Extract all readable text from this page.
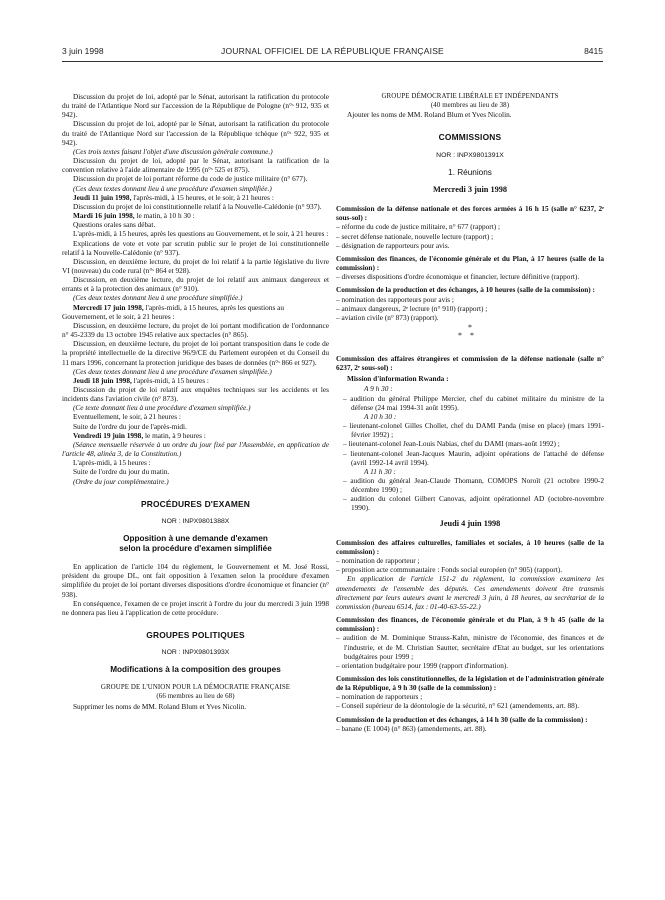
3 juin 1998	JOURNAL OFFICIEL DE LA RÉPUBLIQUE FRANÇAISE	8415

Discussion du projet de loi, adopté par le Sénat, autorisant la ratification du protocole du traité de l'Atlantique Nord sur l'accession de la République de Pologne (n°ˢ 912, 935 et 942).

Discussion du projet de loi, adopté par le Sénat, autorisant la ratification du protocole du traité de l'Atlantique Nord sur l'accession de la République tchèque (n°ˢ 922, 935 et 942).

(Ces trois textes faisant l'objet d'une discussion générale commune.)

Discussion du projet de loi, adopté par le Sénat, autorisant la ratification de la convention relative à l'aide alimentaire de 1995 (n°ˢ 525 et 875).

Discussion du projet de loi portant réforme du code de justice militaire (n° 677).

(Ces deux textes donnant lieu à une procédure d'examen simplifiée.)

Jeudi 11 juin 1998, l'après-midi, à 15 heures, et le soir, à 21 heures :

Discussion du projet de loi constitutionnelle relatif à la Nouvelle-Calédonie (n° 937).

Mardi 16 juin 1998, le matin, à 10 h 30 :

Questions orales sans débat.

L'après-midi, à 15 heures, après les questions au Gouvernement, et le soir, à 21 heures :

Explications de vote et vote par scrutin public sur le projet de loi constitutionnelle relatif à la Nouvelle-Calédonie (n° 937).

Discussion, en deuxième lecture, du projet de loi relatif à la partie législative du livre VI (nouveau) du code rural (n°ˢ 864 et 928).

Discussion, en deuxième lecture, du projet de loi relatif aux animaux dangereux et errants et à la protection des animaux (n° 910).

(Ces deux textes donnant lieu à une procédure simplifiée.)

Mercredi 17 juin 1998, l'après-midi, à 15 heures, après les questions au Gouvernement, et le soir, à 21 heures :

Discussion, en deuxième lecture, du projet de loi portant modification de l'ordonnance n° 45-2339 du 13 octobre 1945 relative aux spectacles (n° 865).

Discussion, en deuxième lecture, du projet de loi portant transposition dans le code de la propriété intellectuelle de la directive 96/9/CE du Parlement européen et du Conseil du 11 mars 1996, concernant la protection juridique des bases de données (n°ˢ 866 et 927).

(Ces deux textes donnant lieu à une procédure d'examen simplifiée.)

Jeudi 18 juin 1998, l'après-midi, à 15 heures :

Discussion du projet de loi relatif aux enquêtes techniques sur les accidents et les incidents dans l'aviation civile (n° 873).

(Ce texte donnant lieu à une procédure d'examen simplifiée.)

Eventuellement, le soir, à 21 heures :

Suite de l'ordre du jour de l'après-midi.

Vendredi 19 juin 1998, le matin, à 9 heures :

(Séance mensuelle réservée à un ordre du jour fixé par l'Assemblée, en application de l'article 48, alinéa 3, de la Constitution.)

L'après-midi, à 15 heures :

Suite de l'ordre du jour du matin.

(Ordre du jour complémentaire.)

PROCÉDURES D'EXAMEN
NOR : INPX9801388X
Opposition à une demande d'examen
selon la procédure d'examen simplifiée

En application de l'article 104 du règlement, le Gouvernement et M. José Rossi, président du groupe DL, ont fait opposition à l'examen selon la procédure d'examen simplifiée du projet de loi portant diverses dispositions d'ordre économique et financier (n° 938).

En conséquence, l'examen de ce projet inscrit à l'ordre du jour du mercredi 3 juin 1998 ne donnera pas lieu à l'application de cette procédure.

GROUPES POLITIQUES
NOR : INPX9801393X
Modifications à la composition des groupes

GROUPE DE L'UNION POUR LA DÉMOCRATIE FRANÇAISE

(66 membres au lieu de 68)

Supprimer les noms de MM. Roland Blum et Yves Nicolin.

GROUPE DÉMOCRATIE LIBÉRALE ET INDÉPENDANTS

(40 membres au lieu de 38)

Ajouter les noms de MM. Roland Blum et Yves Nicolin.

COMMISSIONS
NOR : INPX9801391X
1. Réunions
Mercredi 3 juin 1998

Commission de la défense nationale et des forces armées à 16 h 15 (salle n° 6237, 2ᵉ sous-sol) :

– réforme du code de justice militaire, n° 677 (rapport) ;

– secret défense nationale, nouvelle lecture (rapport) ;

– désignation de rapporteurs pour avis.

Commission des finances, de l'économie générale et du Plan, à 17 heures (salle de la commission) :

– diverses dispositions d'ordre économique et financier, lecture définitive (rapport).

Commission de la production et des échanges, à 10 heures (salle de la commission) :

– nomination des rapporteurs pour avis ;

– animaux dangereux, 2ᵉ lecture (n° 910) (rapport) ;

– aviation civile (n° 873) (rapport).

*
**

Commission des affaires étrangères et commission de la défense nationale (salle n° 6237, 2ᵉ sous-sol) :

Mission d'information Rwanda :

A 9 h 30 :

– audition du général Philippe Mercier, chef du cabinet militaire du ministre de la défense (24 mai 1994-31 août 1995).

A 10 h 30 :

– lieutenant-colonel Gilles Chollet, chef du DAMI Panda (mise en place) (mars 1991-février 1992) ;

– lieutenant-colonel Jean-Louis Nabias, chef du DAMI (mars-août 1992) ;

– lieutenant-colonel Jean-Jacques Maurin, adjoint opérations de l'attaché de défense (avril 1992-14 avril 1994).

A 11 h 30 :

– audition du général Jean-Claude Thomann, COMOPS Noroît (21 octobre 1990-2 décembre 1990) ;

– audition du colonel Gilbert Canovas, adjoint opérationnel AD (octobre-novembre 1990).

Jeudi 4 juin 1998

Commission des affaires culturelles, familiales et sociales, à 10 heures (salle de la commission) :

– nomination de rapporteur ;

– proposition acte communautaire : Fonds social européen (n° 905) (rapport).

En application de l'article 151-2 du règlement, la commission examinera les amendements de l'ensemble des députés. Ces amendements doivent être transmis directement par leurs auteurs avant le mercredi 3 juin, à 18 heures, au secrétariat de la commission (bureau 6514, fax : 01-40-63-55-22.)

Commission des finances, de l'économie générale et du Plan, à 9 h 45 (salle de la commission) :

– audition de M. Dominique Strauss-Kahn, ministre de l'économie, des finances et de l'industrie, et de M. Christian Sautter, secrétaire d'Etat au budget, sur les orientations budgétaires pour 1999 ;

– orientation budgétaire pour 1999 (rapport d'information).

Commission des lois constitutionnelles, de la législation et de l'administration générale de la République, à 9 h 30 (salle de la commission) :

– nomination de rapporteurs ;

– Conseil supérieur de la déontologie de la sécurité, n° 621 (amendements, art. 88).

Commission de la production et des échanges, à 14 h 30 (salle de la commission) :

– banane (E 1004) (n° 863) (amendements, art. 88).
